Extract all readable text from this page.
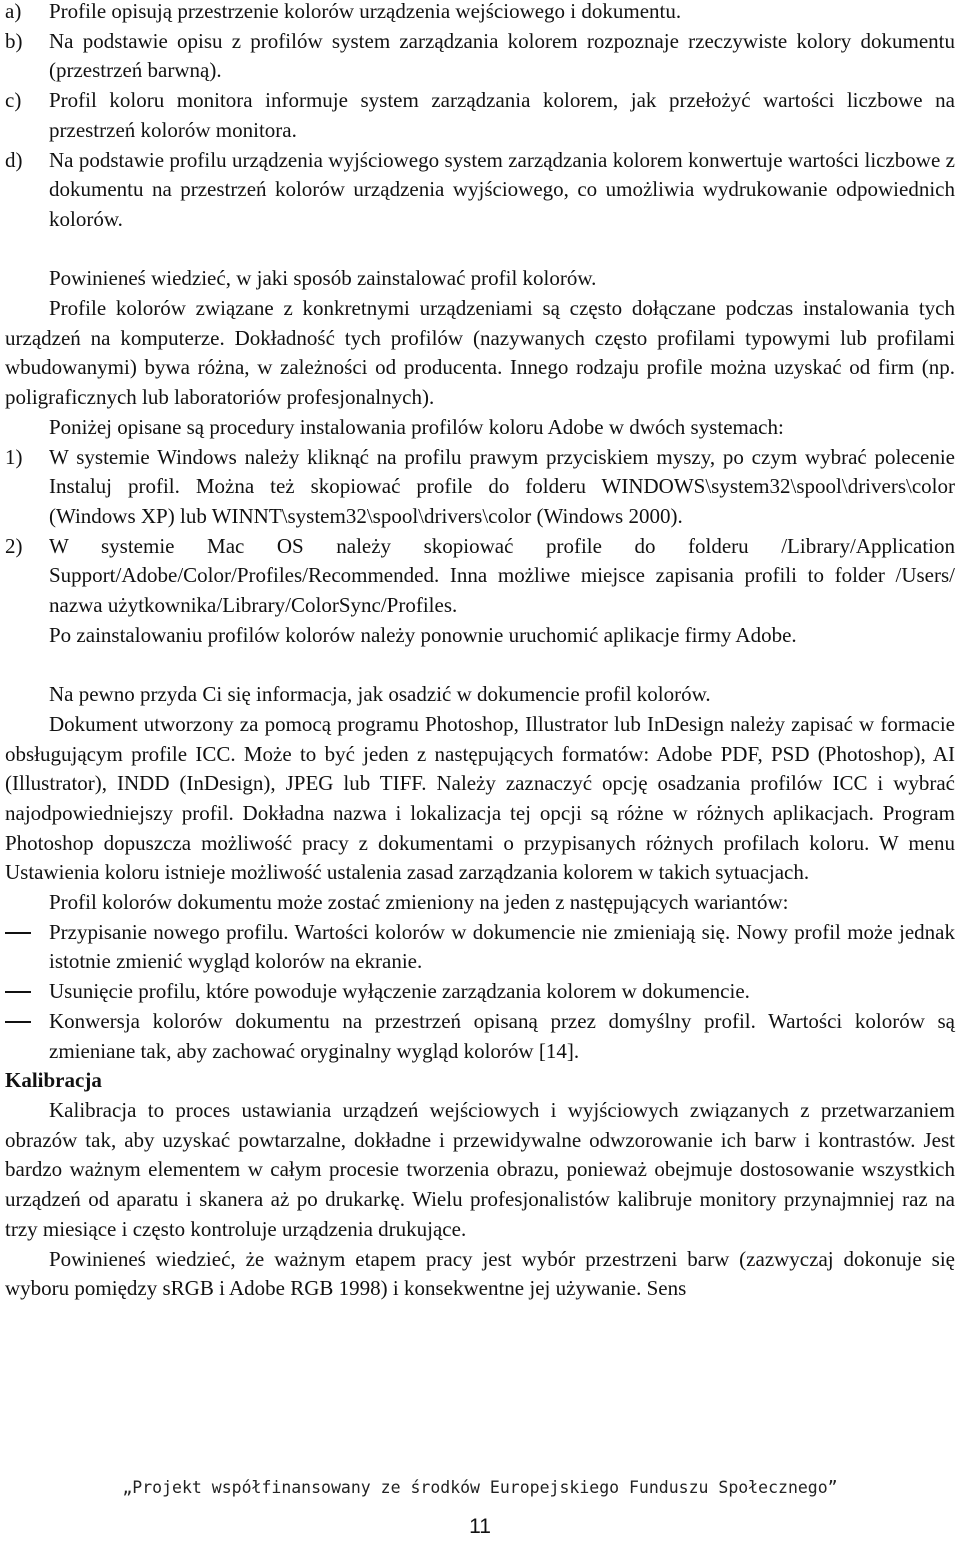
a) Profile opisują przestrzenie kolorów urządzenia wejściowego i dokumentu.
b) Na podstawie opisu z profilów system zarządzania kolorem rozpoznaje rzeczywiste kolory dokumentu (przestrzeń barwną).
c) Profil koloru monitora informuje system zarządzania kolorem, jak przełożyć wartości liczbowe na przestrzeń kolorów monitora.
d) Na podstawie profilu urządzenia wyjściowego system zarządzania kolorem konwertuje wartości liczbowe z dokumentu na przestrzeń kolorów urządzenia wyjściowego, co umożliwia wydrukowanie odpowiednich kolorów.

Powinieneś wiedzieć, w jaki sposób zainstalować profil kolorów.

Profile kolorów związane z konkretnymi urządzeniami są często dołączane podczas instalowania tych urządzeń na komputerze. Dokładność tych profilów (nazywanych często profilami typowymi lub profilami wbudowanymi) bywa różna, w zależności od producenta. Innego rodzaju profile można uzyskać od firm (np. poligraficznych lub laboratoriów profesjonalnych).

Poniżej opisane są procedury instalowania profilów koloru Adobe w dwóch systemach:

1) W systemie Windows należy kliknąć na profilu prawym przyciskiem myszy, po czym wybrać polecenie Instaluj profil. Można też skopiować profile do folderu WINDOWS\system32\spool\drivers\color (Windows XP) lub WINNT\system32\spool\drivers\color (Windows 2000).
2) W systemie Mac OS należy skopiować profile do folderu /Library/Application Support/Adobe/Color/Profiles/Recommended. Inna możliwe miejsce zapisania profili to folder /Users/ nazwa użytkownika/Library/ColorSync/Profiles.

Po zainstalowaniu profilów kolorów należy ponownie uruchomić aplikacje firmy Adobe.

Na pewno przyda Ci się informacja, jak osadzić w dokumencie profil kolorów.

Dokument utworzony za pomocą programu Photoshop, Illustrator lub InDesign należy zapisać w formacie obsługującym profile ICC. Może to być jeden z następujących formatów: Adobe PDF, PSD (Photoshop), AI (Illustrator), INDD (InDesign), JPEG lub TIFF. Należy zaznaczyć opcję osadzania profilów ICC i wybrać najodpowiedniejszy profil. Dokładna nazwa i lokalizacja tej opcji są różne w różnych aplikacjach. Program Photoshop dopuszcza możliwość pracy z dokumentami o przypisanych różnych profilach koloru. W menu Ustawienia koloru istnieje możliwość ustalenia zasad zarządzania kolorem w takich sytuacjach.

Profil kolorów dokumentu może zostać zmieniony na jeden z następujących wariantów:

Przypisanie nowego profilu. Wartości kolorów w dokumencie nie zmieniają się. Nowy profil może jednak istotnie zmienić wygląd kolorów na ekranie.
Usunięcie profilu, które powoduje wyłączenie zarządzania kolorem w dokumencie.
Konwersja kolorów dokumentu na przestrzeń opisaną przez domyślny profil. Wartości kolorów są zmieniane tak, aby zachować oryginalny wygląd kolorów [14].
Kalibracja

Kalibracja to proces ustawiania urządzeń wejściowych i wyjściowych związanych z przetwarzaniem obrazów tak, aby uzyskać powtarzalne, dokładne i przewidywalne odwzorowanie ich barw i kontrastów. Jest bardzo ważnym elementem w całym procesie tworzenia obrazu, ponieważ obejmuje dostosowanie wszystkich urządzeń od aparatu i skanera aż po drukarkę. Wielu profesjonalistów kalibruje monitory przynajmniej raz na trzy miesiące i często kontroluje urządzenia drukujące.

Powinieneś wiedzieć, że ważnym etapem pracy jest wybór przestrzeni barw (zazwyczaj dokonuje się wyboru pomiędzy sRGB i Adobe RGB 1998) i konsekwentne jej używanie. Sens

„Projekt współfinansowany ze środków Europejskiego Funduszu Społecznego”
11
